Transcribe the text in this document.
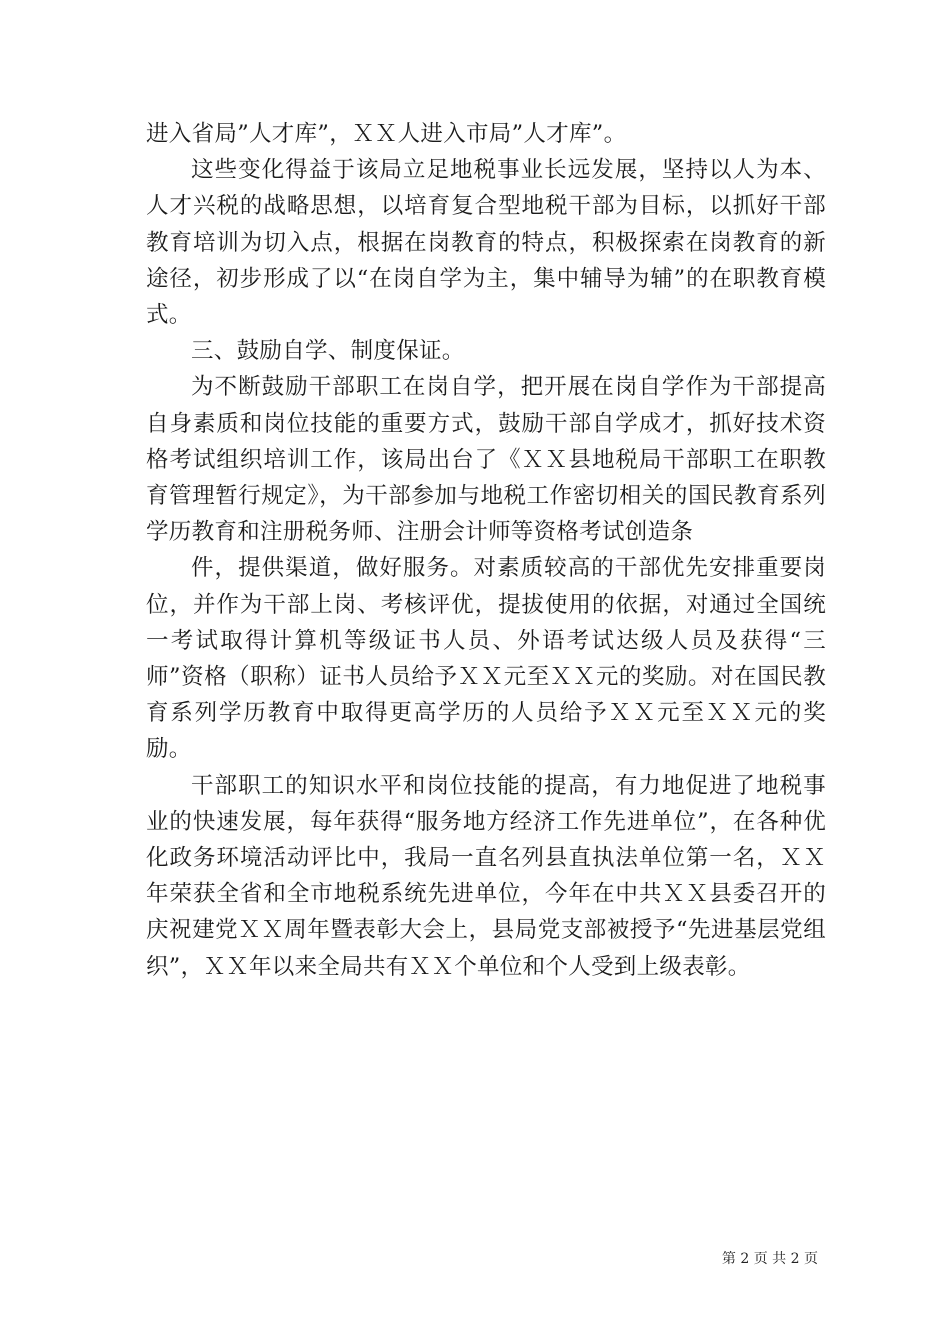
进入省局”人才库”，ＸＸ人进入市局”人才库”。

这些变化得益于该局立足地税事业长远发展，坚持以人为本、人才兴税的战略思想，以培育复合型地税干部为目标，以抓好干部教育培训为切入点，根据在岗教育的特点，积极探索在岗教育的新途径，初步形成了以“在岗自学为主，集中辅导为辅”的在职教育模式。

三、鼓励自学、制度保证。

为不断鼓励干部职工在岗自学，把开展在岗自学作为干部提高自身素质和岗位技能的重要方式，鼓励干部自学成才，抓好技术资格考试组织培训工作，该局出台了《ＸＸ县地税局干部职工在职教育管理暂行规定》，为干部参加与地税工作密切相关的国民教育系列学历教育和注册税务师、注册会计师等资格考试创造条

件，提供渠道，做好服务。对素质较高的干部优先安排重要岗位，并作为干部上岗、考核评优，提拔使用的依据，对通过全国统一考试取得计算机等级证书人员、外语考试达级人员及获得“三师”资格（职称）证书人员给予ＸＸ元至ＸＸ元的奖励。对在国民教育系列学历教育中取得更高学历的人员给予ＸＸ元至ＸＸ元的奖励。

干部职工的知识水平和岗位技能的提高，有力地促进了地税事业的快速发展，每年获得“服务地方经济工作先进单位”，在各种优化政务环境活动评比中，我局一直名列县直执法单位第一名，ＸＸ年荣获全省和全市地税系统先进单位，今年在中共ＸＸ县委召开的庆祝建党ＸＸ周年暨表彰大会上，县局党支部被授予“先进基层党组织”，ＸＸ年以来全局共有ＸＸ个单位和个人受到上级表彰。

第 2 页 共 2 页
